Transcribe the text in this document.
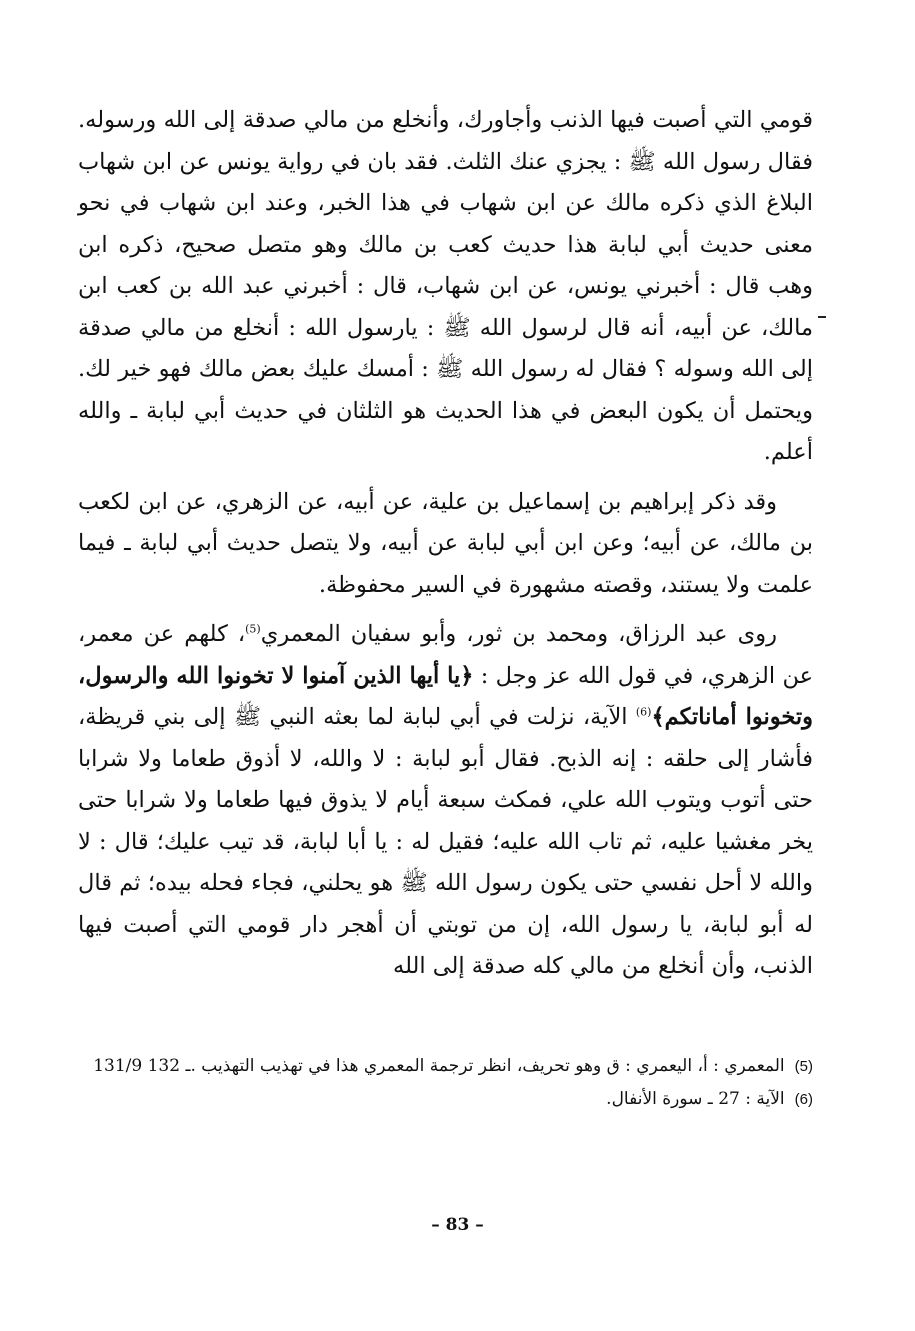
قومي التي أصبت فيها الذنب وأجاورك، وأنخلع من مالي صدقة إلى الله ورسوله. فقال رسول الله ﷺ : يجزي عنك الثلث. فقد بان في رواية يونس عن ابن شهاب البلاغ الذي ذكره مالك عن ابن شهاب في هذا الخبر، وعند ابن شهاب في نحو معنى حديث أبي لبابة هذا حديث كعب بن مالك وهو متصل صحيح، ذكره ابن وهب قال : أخبرني يونس، عن ابن شهاب، قال : أخبرني عبد الله بن كعب ابن مالك، عن أبيه، أنه قال لرسول الله ﷺ : يارسول الله : أنخلع من مالي صدقة إلى الله وسوله ؟ فقال له رسول الله ﷺ : أمسك عليك بعض مالك فهو خير لك. ويحتمل أن يكون البعض في هذا الحديث هو الثلثان في حديث أبي لبابة ـ والله أعلم.

وقد ذكر إبراهيم بن إسماعيل بن علية، عن أبيه، عن الزهري، عن ابن لكعب بن مالك، عن أبيه؛ وعن ابن أبي لبابة عن أبيه، ولا يتصل حديث أبي لبابة ـ فيما علمت ولا يستند، وقصته مشهورة في السير محفوظة.

روى عبد الرزاق، ومحمد بن ثور، وأبو سفيان المعمري$^{(5)}$، كلهم عن معمر، عن الزهري، في قول الله عز وجل : ﴿يا أيها الذين آمنوا لا تخونوا الله والرسول، وتخونوا أماناتكم﴾$^{(6)}$ الآية، نزلت في أبي لبابة لما بعثه النبي ﷺ إلى بني قريظة، فأشار إلى حلقه : إنه الذبح. فقال أبو لبابة : لا والله، لا أذوق طعاما ولا شرابا حتى أتوب ويتوب الله علي، فمكث سبعة أيام لا يذوق فيها طعاما ولا شرابا حتى يخر مغشيا عليه، ثم تاب الله عليه؛ فقيل له : يا أبا لبابة، قد تيب عليك؛ قال : لا والله لا أحل نفسي حتى يكون رسول الله ﷺ هو يحلني، فجاء فحله بيده؛ ثم قال له أبو لبابة، يا رسول الله، إن من توبتي أن أهجر دار قومي التي أصبت فيها الذنب، وأن أنخلع من مالي كله صدقة إلى الله

(5)المعمري : أ، اليعمري : ق وهو تحريف، انظر ترجمة المعمري هذا في تهذيب التهذيب 131/9 ـ 132.

(6)الآية : 27 ـ سورة الأنفال.

– 83 –
